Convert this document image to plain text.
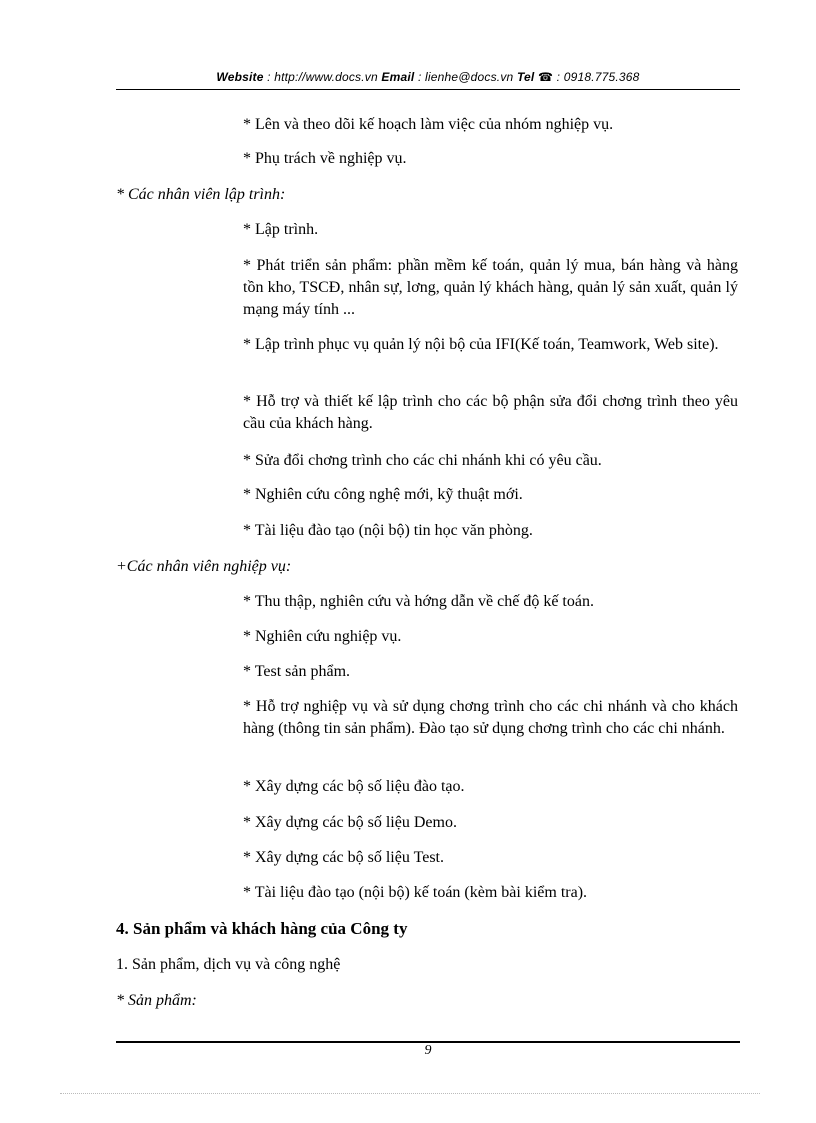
Website : http://www.docs.vn Email : lienhe@docs.vn Tel ☎ : 0918.775.368

* Lên và theo dõi kế hoạch làm việc của nhóm nghiệp vụ.

* Phụ trách về nghiệp vụ.

* Các nhân viên lập trình:

* Lập trình.

* Phát triển sản phẩm: phần mềm kế toán, quản lý mua, bán hàng và hàng tồn kho, TSCĐ, nhân sự, lơng, quản lý khách hàng, quản lý sản xuất, quản lý mạng máy tính ...

* Lập trình phục vụ quản lý nội bộ của IFI(Kế toán, Teamwork, Web site).

* Hỗ trợ và thiết kế lập trình cho các bộ phận sửa đổi chơng trình theo yêu cầu của khách hàng.

* Sửa đổi chơng trình cho các chi nhánh khi có yêu cầu.

* Nghiên cứu công nghệ mới, kỹ thuật mới.

* Tài liệu đào tạo (nội bộ) tin học văn phòng.

+Các nhân viên nghiệp vụ:

* Thu thập, nghiên cứu và hớng dẫn về chế độ kế toán.

* Nghiên cứu nghiệp vụ.

* Test sản phẩm.

* Hỗ trợ nghiệp vụ và sử dụng chơng trình cho các chi nhánh và cho khách hàng (thông tin sản phẩm). Đào tạo sử dụng chơng trình cho các chi nhánh.

* Xây dựng các bộ số liệu đào tạo.

* Xây dựng các bộ số liệu Demo.

* Xây dựng các bộ số liệu Test.

* Tài liệu đào tạo (nội bộ) kế toán (kèm bài kiểm tra).

4. Sản phẩm và khách hàng của Công ty

1. Sản phẩm, dịch vụ và công nghệ

* Sản phẩm:

9
